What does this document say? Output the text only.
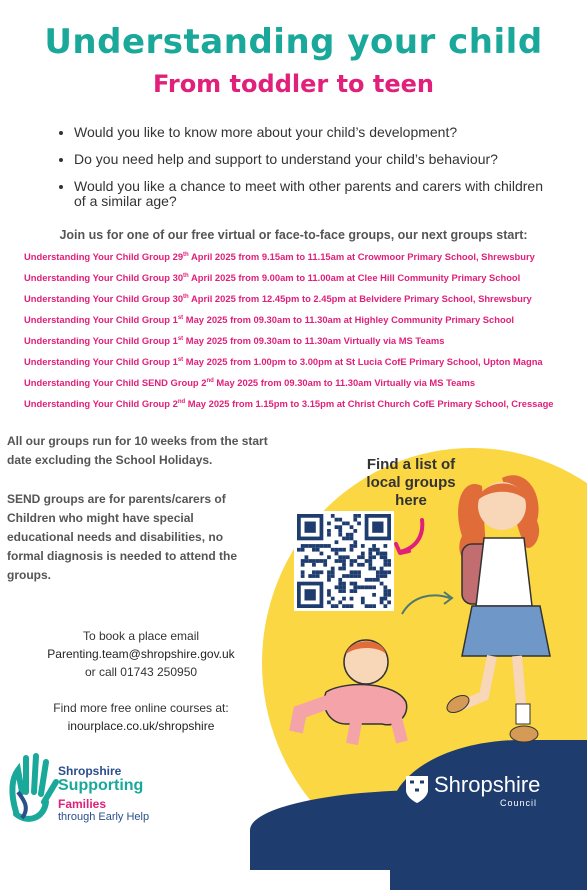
Understanding your child
From toddler to teen
• Would you like to know more about your child’s development?
• Do you need help and support to understand your child’s behaviour?
• Would you like a chance to meet with other parents and carers with children of a similar age?
Join us for one of our free virtual or face-to-face groups, our next groups start:
Understanding Your Child Group 29th April 2025 from 9.15am to 11.15am at Crowmoor Primary School, Shrewsbury
Understanding Your Child Group 30th April 2025 from 9.00am to 11.00am at Clee Hill Community Primary School
Understanding Your Child Group 30th April 2025 from 12.45pm to 2.45pm at Belvidere Primary School, Shrewsbury
Understanding Your Child Group 1st May 2025 from 09.30am to 11.30am at Highley Community Primary School
Understanding Your Child Group 1st May 2025 from 09.30am to 11.30am Virtually via MS Teams
Understanding Your Child Group 1st May 2025 from 1.00pm to 3.00pm at St Lucia CofE Primary School, Upton Magna
Understanding Your Child SEND Group 2nd May 2025 from 09.30am to 11.30am Virtually via MS Teams
Understanding Your Child Group 2nd May 2025 from 1.15pm to 3.15pm at Christ Church CofE Primary School, Cressage
All our groups run for 10 weeks from the start date excluding the School Holidays.
SEND groups are for parents/carers of Children who might have special educational needs and disabilities, no formal diagnosis is needed to attend the groups.
Find a list of local groups here
To book a place email
Parenting.team@shropshire.gov.uk
or call 01743 250950
Find more free online courses at:
inourplace.co.uk/shropshire
Shropshire
Supporting
Families
through Early Help
Shropshire
Council
